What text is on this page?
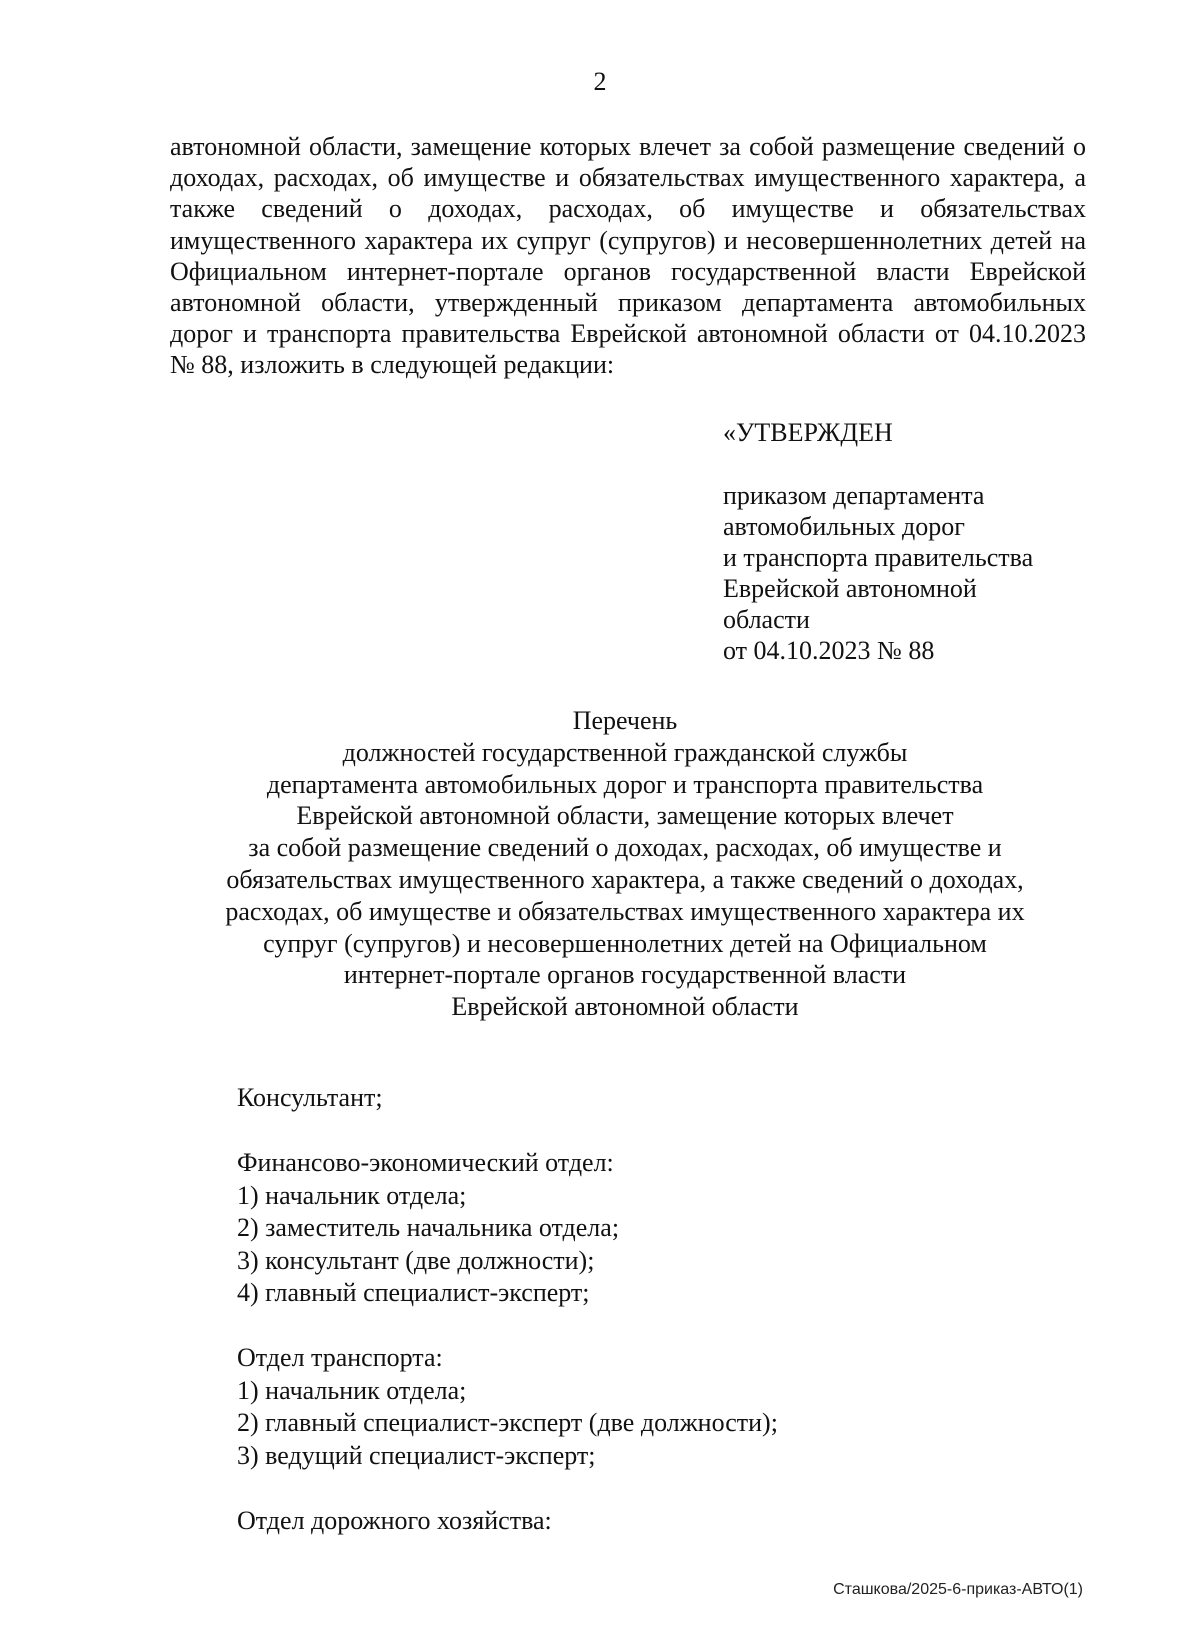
2

автономной области, замещение которых влечет за собой размещение сведений о доходах, расходах, об имуществе и обязательствах имущественного характера, а также сведений о доходах, расходах, об имуществе и обязательствах имущественного характера их супруг (супругов) и несовершеннолетних детей на Официальном интернет-портале органов государственной власти Еврейской автономной области, утвержденный приказом департамента автомобильных дорог и транспорта правительства Еврейской автономной области от 04.10.2023 № 88, изложить в следующей редакции:

«УТВЕРЖДЕН
приказом департамента
автомобильных дорог
и транспорта правительства
Еврейской автономной
области
от 04.10.2023 № 88
Перечень
должностей государственной гражданской службы
департамента автомобильных дорог и транспорта правительства
Еврейской автономной области, замещение которых влечет
за собой размещение сведений о доходах, расходах, об имуществе и
обязательствах имущественного характера, а также сведений о доходах,
расходах, об имуществе и обязательствах имущественного характера их
супруг (супругов) и несовершеннолетних детей на Официальном
интернет-портале органов государственной власти
Еврейской автономной области
Консультант;
Финансово-экономический отдел:
1) начальник отдела;
2) заместитель начальника отдела;
3) консультант (две должности);
4) главный специалист-эксперт;
Отдел транспорта:
1) начальник отдела;
2) главный специалист-эксперт (две должности);
3) ведущий специалист-эксперт;
Отдел дорожного хозяйства:
Сташкова/2025-6-приказ-АВТО(1)
